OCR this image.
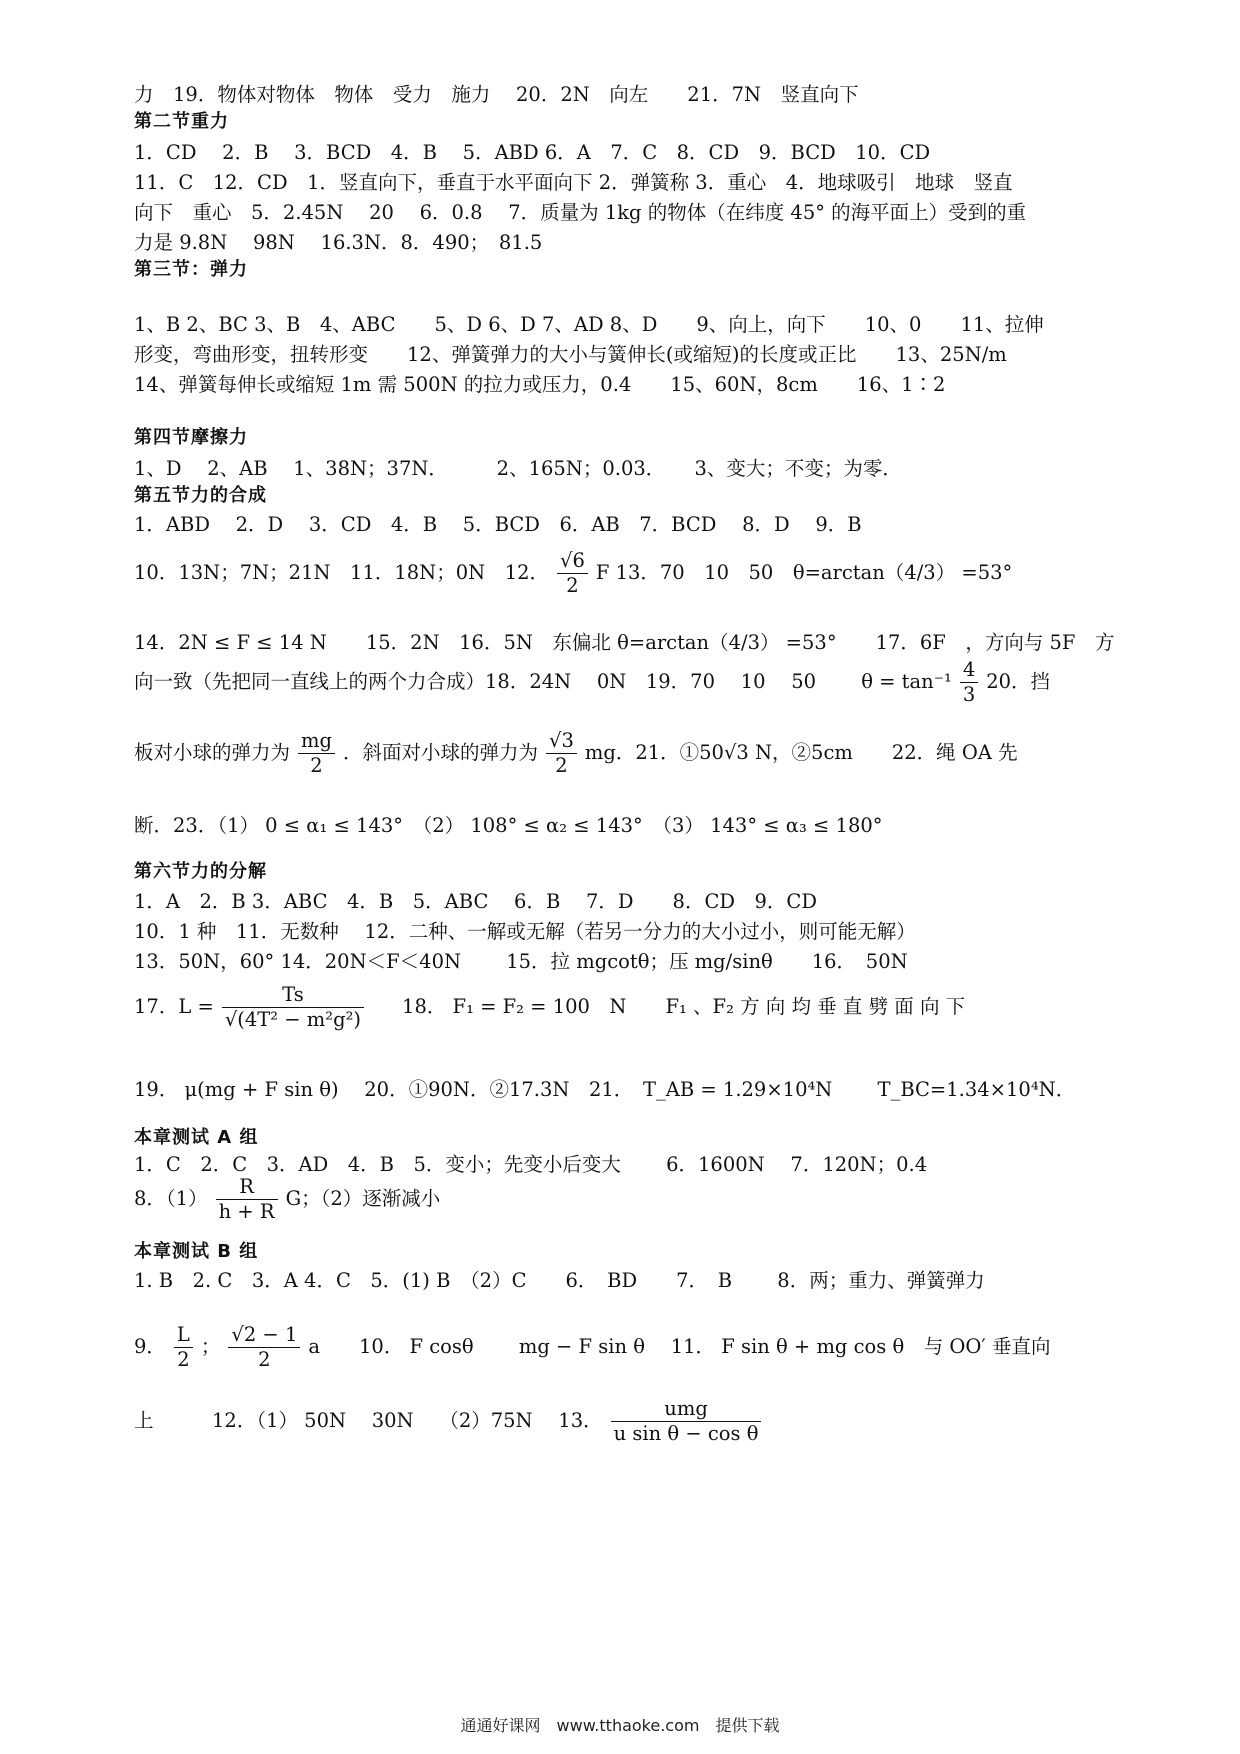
力　19．物体对物体　物体　受力　施力　 20．2N　向左　　21．7N　竖直向下
第二节重力
1．CD　 2．B　 3．BCD　4．B　 5．ABD 6．A　7．C　8．CD　9．BCD　10．CD
11．C　12．CD　1．竖直向下，垂直于水平面向下 2．弹簧称 3．重心　4．地球吸引　地球　竖直
向下　重心　5．2.45N　 20　 6．0.8　 7．质量为 1kg 的物体（在纬度 45° 的海平面上）受到的重
力是 9.8N　 98N　 16.3N．8．490；　81.5
第三节：弹力
1、B 2、BC 3、B　4、ABC　　5、D 6、D 7、AD 8、D　　9、向上，向下　　10、0　　11、拉伸
形变，弯曲形变，扭转形变　　12、弹簧弹力的大小与簧伸长(或缩短)的长度或正比　　13、25N/m
14、弹簧每伸长或缩短 1m 需 500N 的拉力或压力，0.4　　15、60N，8cm　　16、1∶2
第四节摩擦力
1、D　 2、AB　 1、38N；37N．　　　2、165N；0.03．　　3、变大；不变；为零．
第五节力的合成
1．ABD　 2．D　 3．CD　4．B　 5．BCD　6．AB　7．BCD　 8．D　 9．B
10．13N；7N；21N　11．18N；0N　12． $\frac{√6}{2}$ F 13．70　10　50　θ=arctan（4/3） =53°
14．2N ≤ F ≤ 14 N　　15．2N　16．5N　东偏北 θ=arctan（4/3） =53°　　17．6F　，方向与 5F　方
向一致（先把同一直线上的两个力合成）18．24N　 0N　19．70　 10　 50　　 $\theta = \tan^{-1} \frac{4}{3} 20$．挡
板对小球的弹力为 $\frac{mg}{2}$ ．斜面对小球的弹力为 $\frac{√3}{2}$ mg．21．①50√3 N，②5cm　　22．绳 OA 先
断．23．（1） 0 ≤ α₁ ≤ 143°　（2） 108° ≤ α₂ ≤ 143°　（3） 143° ≤ α₃ ≤ 180°
第六节力的分解
1．A　2．B 3．ABC　4．B　5．ABC　 6．B　 7．D　　8．CD　9．CD
10．1 种　11．无数种　 12．二种、一解或无解（若另一分力的大小过小，则可能无解）
13．50N，60° 14．20N＜F＜40N　　 15．拉 mgcotθ；压 mg/sinθ　　16．　50N
17．$L = \frac{Ts}{\text{√(4T² − m²g²)}} 18$． F₁ = F₂ = 100　N　　F₁ 、F₂ 方 向 均 垂 直 劈 面 向 下
19． μ(mg + F sin θ)　 20．①90N．②17.3N　21．　T_AB = 1.29×10⁴N　　 T_BC=1.34×10⁴N．
本章测试 A 组
1．C　2．C　3．AD　4．B　5．变小；先变小后变大　　 6．1600N　 7．120N；0.4
8．$(1) \frac{R}{h + R}$ G；（2）逐渐减小
本章测试 B 组
1. B　2. C　3．A 4．C　5．(1) B　（2）C　　6．　BD　　7．　B　　 8．两；重力、弹簧弹力
9． $\frac{L}{2}$ ； $\frac{√2 - 1}{2}$ a　　10． F cosθ　　 mg − F sin θ　 11． F sin θ + mg cos θ　与 OO′ 垂直向
上　　　12．（1） 50N　 30N　 （2）75N　 13． $\frac{\text{umg}}{\text{u sin θ − cos θ}}$
通通好课网　www.tthaoke.com　提供下载
